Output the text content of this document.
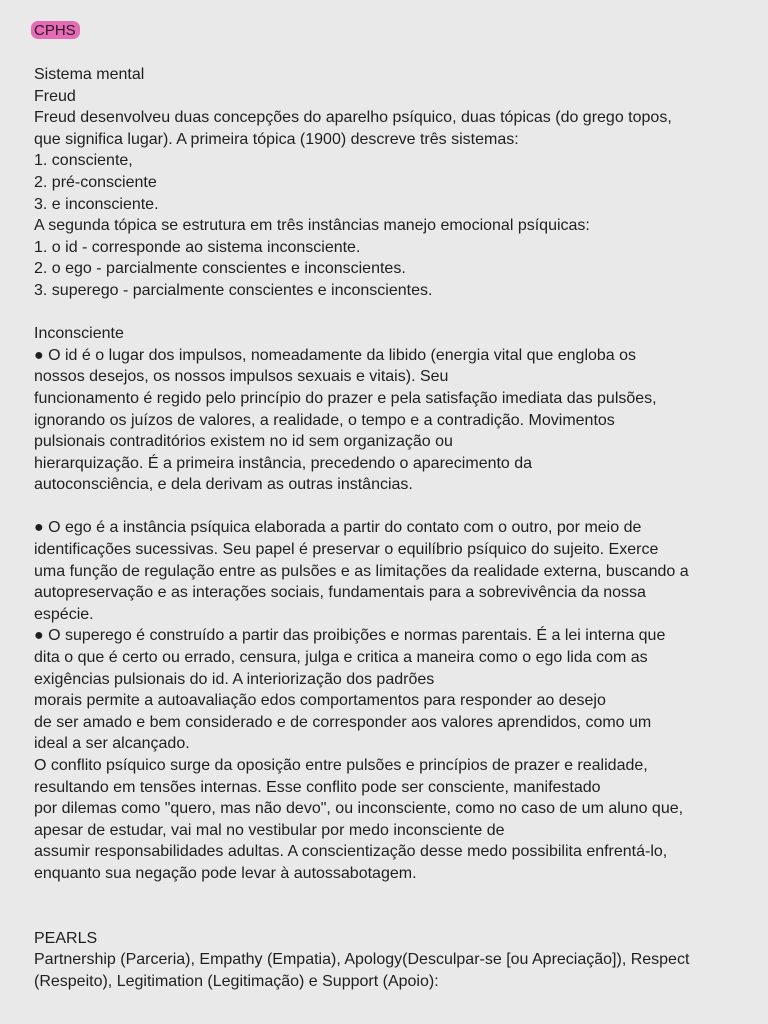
CPHS
Sistema mental
Freud
Freud desenvolveu duas concepções do aparelho psíquico, duas tópicas (do grego topos,
que significa lugar). A primeira tópica (1900) descreve três sistemas:
1. consciente,
2. pré-consciente
3. e inconsciente.
A segunda tópica se estrutura em três instâncias manejo emocional psíquicas:
1. o id - corresponde ao sistema inconsciente.
2. o ego - parcialmente conscientes e inconscientes.
3. superego - parcialmente conscientes e inconscientes.
Inconsciente
● O id é o lugar dos impulsos, nomeadamente da libido (energia vital que engloba os
nossos desejos, os nossos impulsos sexuais e vitais). Seu
funcionamento é regido pelo princípio do prazer e pela satisfação imediata das pulsões,
ignorando os juízos de valores, a realidade, o tempo e a contradição. Movimentos
pulsionais contraditórios existem no id sem organização ou
hierarquização. É a primeira instância, precedendo o aparecimento da
autoconsciência, e dela derivam as outras instâncias.
● O ego é a instância psíquica elaborada a partir do contato com o outro, por meio de
identificações sucessivas. Seu papel é preservar o equilíbrio psíquico do sujeito. Exerce
uma função de regulação entre as pulsões e as limitações da realidade externa, buscando a
autopreservação e as interações sociais, fundamentais para a sobrevivência da nossa
espécie.
● O superego é construído a partir das proibições e normas parentais. É a lei interna que
dita o que é certo ou errado, censura, julga e critica a maneira como o ego lida com as
exigências pulsionais do id. A interiorização dos padrões
morais permite a autoavaliação edos comportamentos para responder ao desejo
de ser amado e bem considerado e de corresponder aos valores aprendidos, como um
ideal a ser alcançado.
O conflito psíquico surge da oposição entre pulsões e princípios de prazer e realidade,
resultando em tensões internas. Esse conflito pode ser consciente, manifestado
por dilemas como "quero, mas não devo", ou inconsciente, como no caso de um aluno que,
apesar de estudar, vai mal no vestibular por medo inconsciente de
assumir responsabilidades adultas. A conscientização desse medo possibilita enfrentá-lo,
enquanto sua negação pode levar à autossabotagem.
PEARLS
Partnership (Parceria), Empathy (Empatia), Apology(Desculpar-se [ou Apreciação]), Respect
(Respeito), Legitimation (Legitimação) e Support (Apoio):
